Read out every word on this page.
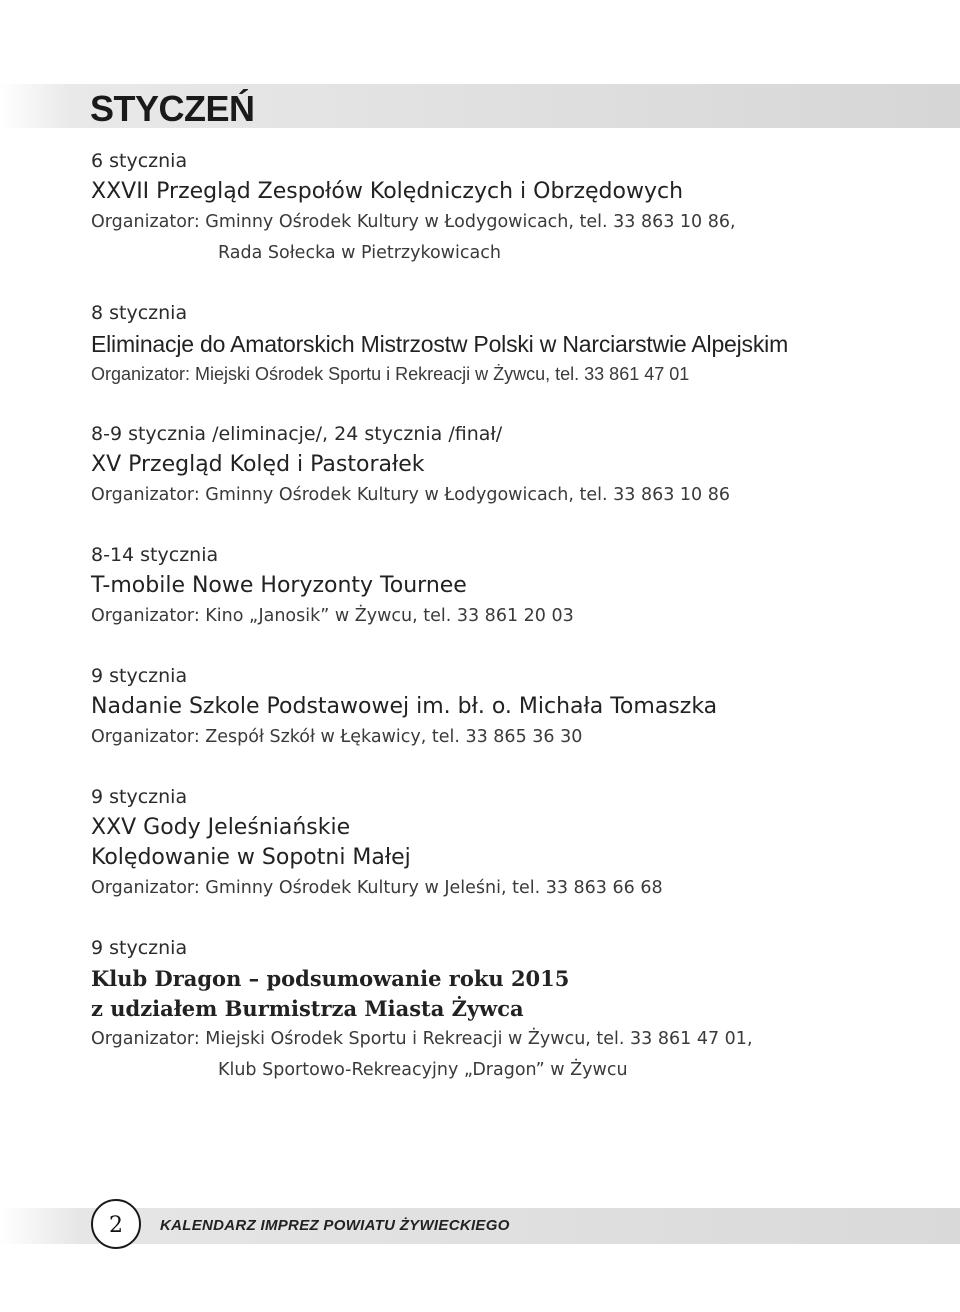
STYCZEŃ
6 stycznia
XXVII Przegląd Zespołów Kolędniczych i Obrzędowych
Organizator: Gminny Ośrodek Kultury w Łodygowicach, tel. 33 863 10 86,
Rada Sołecka w Pietrzykowicach
8 stycznia
Eliminacje do Amatorskich Mistrzostw Polski w Narciarstwie Alpejskim
Organizator: Miejski Ośrodek Sportu i Rekreacji w Żywcu, tel. 33 861 47 01
8-9 stycznia /eliminacje/, 24 stycznia /finał/
XV Przegląd Kolęd i Pastorałek
Organizator: Gminny Ośrodek Kultury w Łodygowicach, tel. 33 863 10 86
8-14 stycznia
T-mobile Nowe Horyzonty Tournee
Organizator: Kino „Janosik” w Żywcu, tel. 33 861 20 03
9 stycznia
Nadanie Szkole Podstawowej im. bł. o. Michała Tomaszka
Organizator: Zespół Szkół w Łękawicy, tel. 33 865 36 30
9 stycznia
XXV Gody Jeleśniańskie
Kolędowanie w Sopotni Małej
Organizator: Gminny Ośrodek Kultury w Jeleśni, tel. 33 863 66 68
9 stycznia
Klub Dragon – podsumowanie roku 2015
z udziałem Burmistrza Miasta Żywca
Organizator: Miejski Ośrodek Sportu i Rekreacji w Żywcu, tel. 33 861 47 01,
Klub Sportowo-Rekreacyjny „Dragon” w Żywcu
2	KALENDARZ IMPREZ POWIATU ŻYWIECKIEGO
